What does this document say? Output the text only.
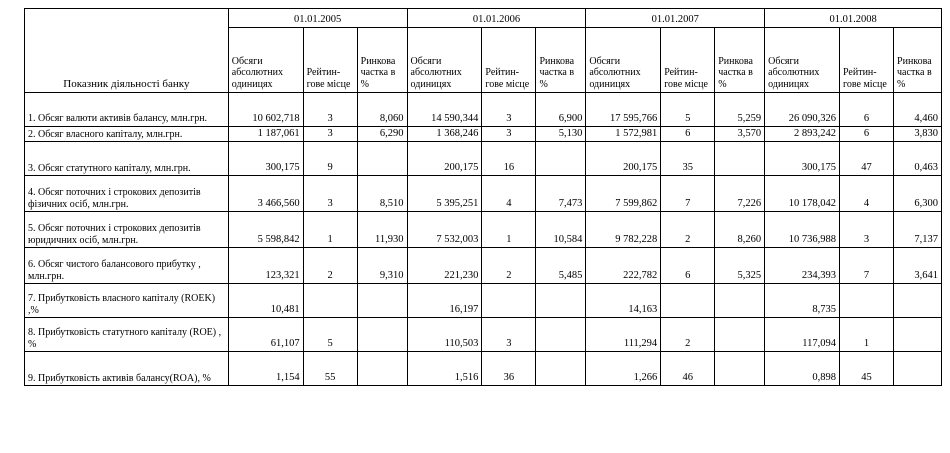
Показник діяльності банку	01.01.2005			01.01.2006			01.01.2007			01.01.2008		
	Обсяги абсолютних одиницях	Рейтин-гове місце	Ринкова частка в %	Обсяги абсолютних одиницях	Рейтин-гове місце	Ринкова частка в %	Обсяги абсолютних одиницях	Рейтин-гове місце	Ринкова частка в %	Обсяги абсолютних одиницях	Рейтин-гове місце	Ринкова частка в %
1. Обсяг валюти активів балансу, млн.грн.	10 602,718	3	8,060	14 590,344	3	6,900	17 595,766	5	5,259	26 090,326	6	4,460
2. Обсяг власного капіталу, млн.грн.	1 187,061	3	6,290	1 368,246	3	5,130	1 572,981	6	3,570	2 893,242	6	3,830
3. Обсяг статутного капіталу, млн.грн.	300,175	9		200,175	16		200,175	35		300,175	47	0,463
4. Обсяг поточних і строкових депозитів фізичних осіб, млн.грн.	3 466,560	3	8,510	5 395,251	4	7,473	7 599,862	7	7,226	10 178,042	4	6,300
5. Обсяг поточних і строкових депозитів юридичних осіб, млн.грн.	5 598,842	1	11,930	7 532,003	1	10,584	9 782,228	2	8,260	10 736,988	3	7,137
6. Обсяг чистого балансового прибутку , млн.грн.	123,321	2	9,310	221,230	2	5,485	222,782	6	5,325	234,393	7	3,641
7. Прибутковість власного капіталу (ROEK) ,%	10,481			16,197			14,163			8,735		
8. Прибутковість статутного капіталу (ROE) , %	61,107	5		110,503	3		111,294	2		117,094	1	
9. Прибутковість активів балансу(ROA), %	1,154	55		1,516	36		1,266	46		0,898	45	
